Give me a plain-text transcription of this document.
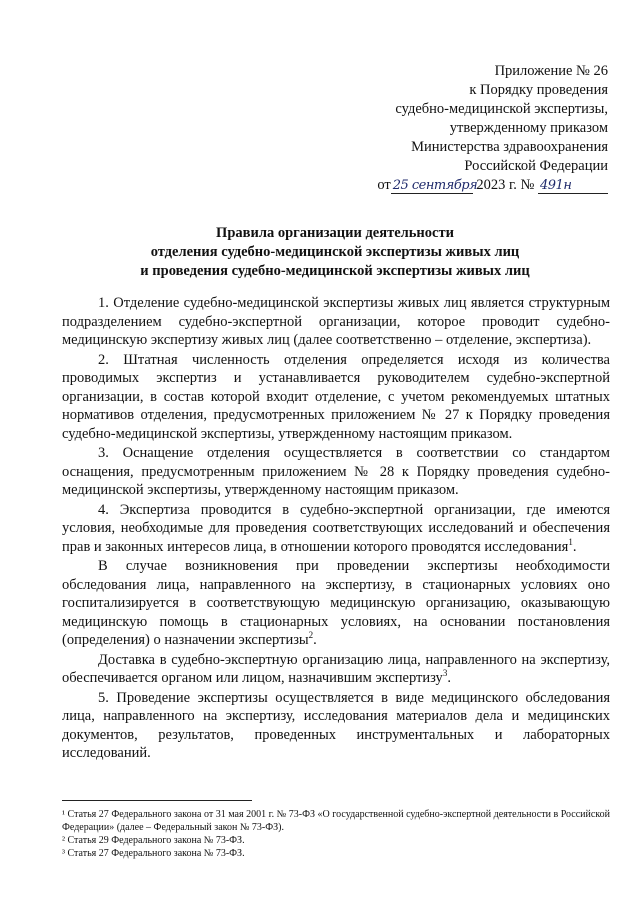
Приложение № 26
к Порядку проведения
судебно-медицинской экспертизы,
утвержденному приказом
Министерства здравоохранения
Российской Федерации
от 25 сентября 2023 г. № 491н
Правила организации деятельности
отделения судебно-медицинской экспертизы живых лиц
и проведения судебно-медицинской экспертизы живых лиц

1. Отделение судебно-медицинской экспертизы живых лиц является структурным подразделением судебно-экспертной организации, которое проводит судебно-медицинскую экспертизу живых лиц (далее соответственно – отделение, экспертиза).

2. Штатная численность отделения определяется исходя из количества проводимых экспертиз и устанавливается руководителем судебно-экспертной организации, в состав которой входит отделение, с учетом рекомендуемых штатных нормативов отделения, предусмотренных приложением № 27 к Порядку проведения судебно-медицинской экспертизы, утвержденному настоящим приказом.

3. Оснащение отделения осуществляется в соответствии со стандартом оснащения, предусмотренным приложением № 28 к Порядку проведения судебно-медицинской экспертизы, утвержденному настоящим приказом.

4. Экспертиза проводится в судебно-экспертной организации, где имеются условия, необходимые для проведения соответствующих исследований и обеспечения прав и законных интересов лица, в отношении которого проводятся исследования$^1$.

В случае возникновения при проведении экспертизы необходимости обследования лица, направленного на экспертизу, в стационарных условиях оно госпитализируется в соответствующую медицинскую организацию, оказывающую медицинскую помощь в стационарных условиях, на основании постановления (определения) о назначении экспертизы$^2$.

Доставка в судебно-экспертную организацию лица, направленного на экспертизу, обеспечивается органом или лицом, назначившим экспертизу$^3$.

5. Проведение экспертизы осуществляется в виде медицинского обследования лица, направленного на экспертизу, исследования материалов дела и медицинских документов, результатов, проведенных инструментальных и лабораторных исследований.

¹ Статья 27 Федерального закона от 31 мая 2001 г. № 73-ФЗ «О государственной судебно-экспертной деятельности в Российской Федерации» (далее – Федеральный закон № 73-ФЗ).
² Статья 29 Федерального закона № 73-ФЗ.
³ Статья 27 Федерального закона № 73-ФЗ.
